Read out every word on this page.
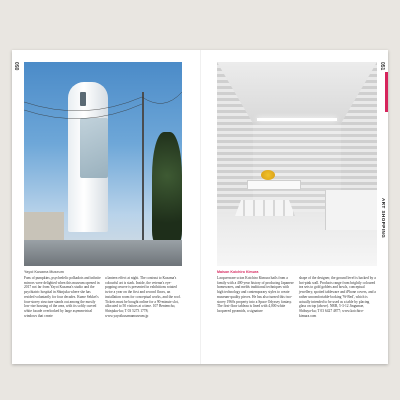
050	051
ART SHOPPING
Yayoi Kusama Museum	Maison Koichiro Kimura
Fans of pumpkins, psychedelic polkadots and infinite mirrors were delighted when this museum opened in 2017 not far from Yayoi Kusama's studio and the psychiatric hospital in Shinjuku where she has resided voluntarily for four decades. Kume Sekkei's four-storey structure stands out among the mostly low-rise housing of the area, with its softly curved white facade overlooked by large asymmetrical windows that create
a lantern effect at night. The contrast to Kusama's colourful art is stark. Inside, the veteran's eye-popping oeuvre is presented in exhibitions rotated twice a year on the first and second floors, an installation room for conceptual works, and the roof. Tickets must be bought online for a 90-minute slot, allocated to 50 visitors at a time. 107 Bentencho, Shinjuku-ku; T 03 5273 1778; www.yayoikusamamuseum.jp
Lacquerware scion Koichiro Kimura hails from a family with a 400-year history of producing Japanese homewares, and melds traditional techniques with high technology and contemporary styles to create museum-quality pieces. He has also turned this two-storey 1960s property into a Space Odyssey fantasy. The first-floor tableau is lined with 4,000 white lacquered pyramids, a signature
shape of the designer, the ground level is backed by a hot-pink wall. Products range from brightly coloured tea sets to gold goblets and bowls, conceptual jewellery, spotted tableware and iPhone covers, and a rather uncomfortable-looking 'W-Bed', which is actually intended to be used as a table by placing glass on top (above). NRB, 5-3-12 Jingumae, Shibuya-ku; T 03 6427 4877; www.koichiro-kimura.com
